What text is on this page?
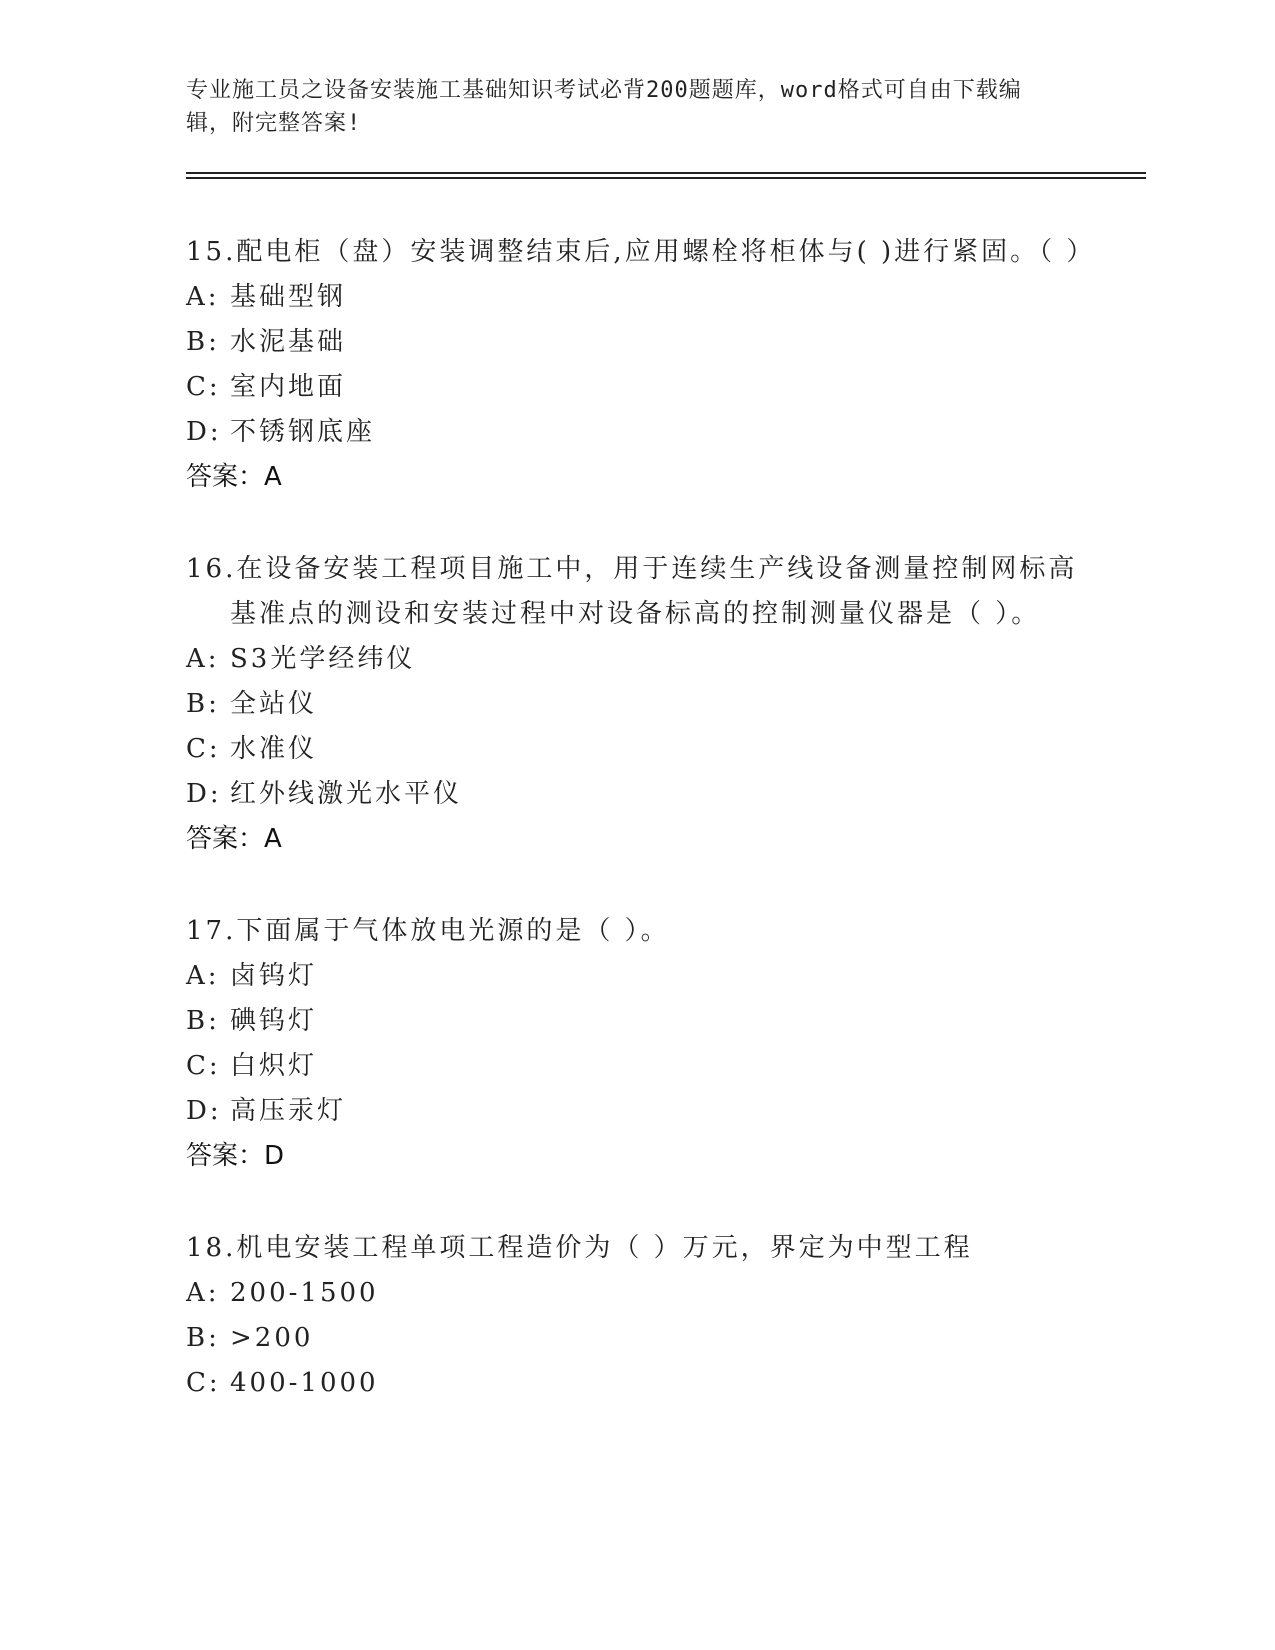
专业施工员之设备安装施工基础知识考试必背200题题库，word格式可自由下载编辑，附完整答案!
15.配电柜（盘）安装调整结束后,应用螺栓将柜体与( )进行紧固。（ ）
A: 基础型钢
B: 水泥基础
C: 室内地面
D: 不锈钢底座
答案：A
16.在设备安装工程项目施工中，用于连续生产线设备测量控制网标高基准点的测设和安装过程中对设备标高的控制测量仪器是（ ）。
A: S3光学经纬仪
B: 全站仪
C: 水准仪
D: 红外线激光水平仪
答案：A
17.下面属于气体放电光源的是（ ）。
A: 卤钨灯
B: 碘钨灯
C: 白炽灯
D: 高压汞灯
答案：D
18.机电安装工程单项工程造价为（ ）万元，界定为中型工程
A: 200-1500
B: >200
C: 400-1000
